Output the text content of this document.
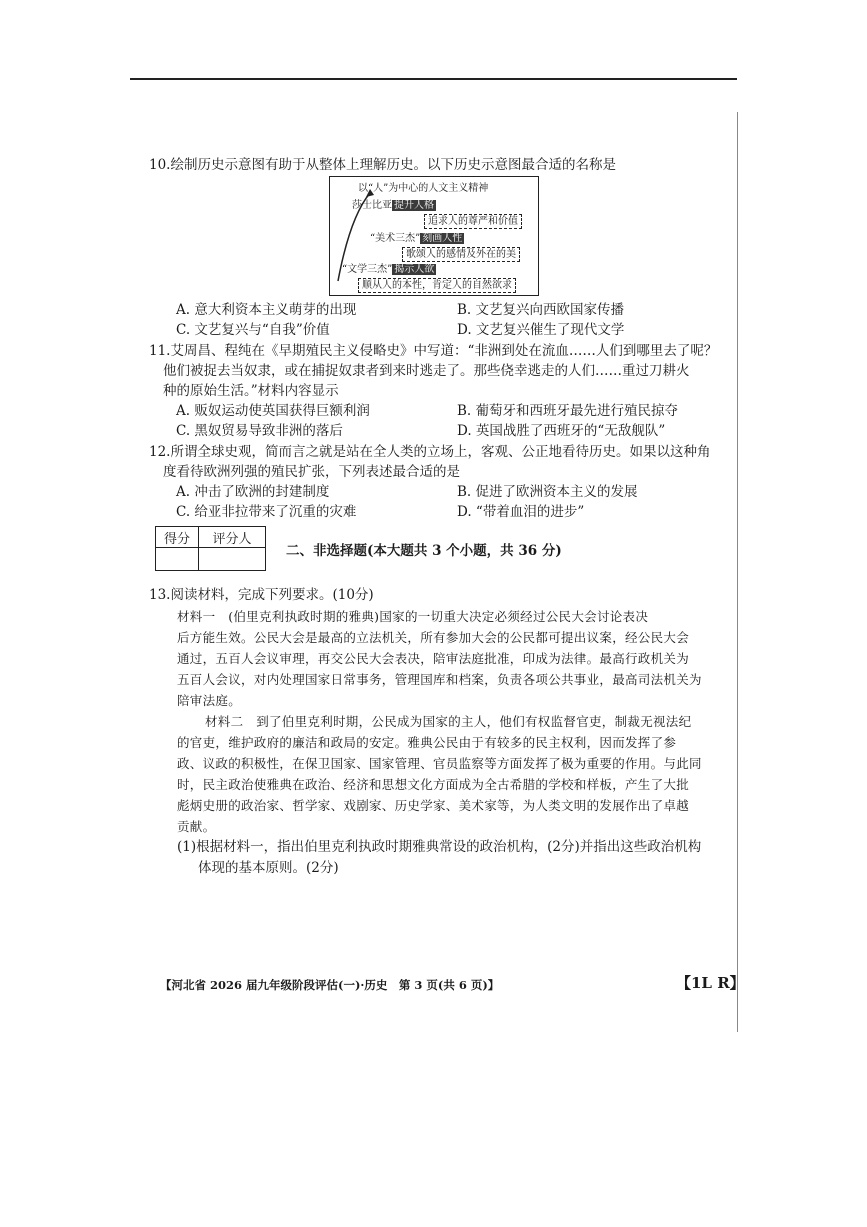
10.绘制历史示意图有助于从整体上理解历史。以下历史示意图最合适的名称是
以“人”为中心的人文主义精神
莎士比亚 提升人格
追求人的尊严和价值
“美术三杰” 刻画人性
歌颂人的感情及外在的美
“文学三杰” 揭示人欲
顺从人的本性，肯定人的自然欲求
A. 意大利资本主义萌芽的出现	B. 文艺复兴向西欧国家传播
C. 文艺复兴与“自我”价值	D. 文艺复兴催生了现代文学
11.艾周昌、程纯在《早期殖民主义侵略史》中写道：“非洲到处在流血……人们到哪里去了呢？
他们被捉去当奴隶，或在捕捉奴隶者到来时逃走了。那些侥幸逃走的人们……重过刀耕火
种的原始生活。”材料内容显示
A. 贩奴运动使英国获得巨额利润	B. 葡萄牙和西班牙最先进行殖民掠夺
C. 黑奴贸易导致非洲的落后	D. 英国战胜了西班牙的“无敌舰队”
12.所谓全球史观，简而言之就是站在全人类的立场上，客观、公正地看待历史。如果以这种角
度看待欧洲列强的殖民扩张，下列表述最合适的是
A. 冲击了欧洲的封建制度	B. 促进了欧洲资本主义的发展
C. 给亚非拉带来了沉重的灾难	D. “带着血泪的进步”
得分	评分人

二、非选择题(本大题共 3 个小题，共 36 分)
13.阅读材料，完成下列要求。(10分)
材料一　(伯里克利执政时期的雅典)国家的一切重大决定必须经过公民大会讨论表决
后方能生效。公民大会是最高的立法机关，所有参加大会的公民都可提出议案，经公民大会
通过，五百人会议审理，再交公民大会表决，陪审法庭批准，印成为法律。最高行政机关为
五百人会议，对内处理国家日常事务，管理国库和档案，负责各项公共事业，最高司法机关为
陪审法庭。
材料二　到了伯里克利时期，公民成为国家的主人，他们有权监督官吏，制裁无视法纪
的官吏，维护政府的廉洁和政局的安定。雅典公民由于有较多的民主权利，因而发挥了参
政、议政的积极性，在保卫国家、国家管理、官员监察等方面发挥了极为重要的作用。与此同
时，民主政治使雅典在政治、经济和思想文化方面成为全古希腊的学校和样板，产生了大批
彪炳史册的政治家、哲学家、戏剧家、历史学家、美术家等，为人类文明的发展作出了卓越
贡献。
(1)根据材料一，指出伯里克利执政时期雅典常设的政治机构，(2分)并指出这些政治机构
体现的基本原则。(2分)
【河北省 2026 届九年级阶段评估(一)·历史　第 3 页(共 6 页)】	【1L R】
